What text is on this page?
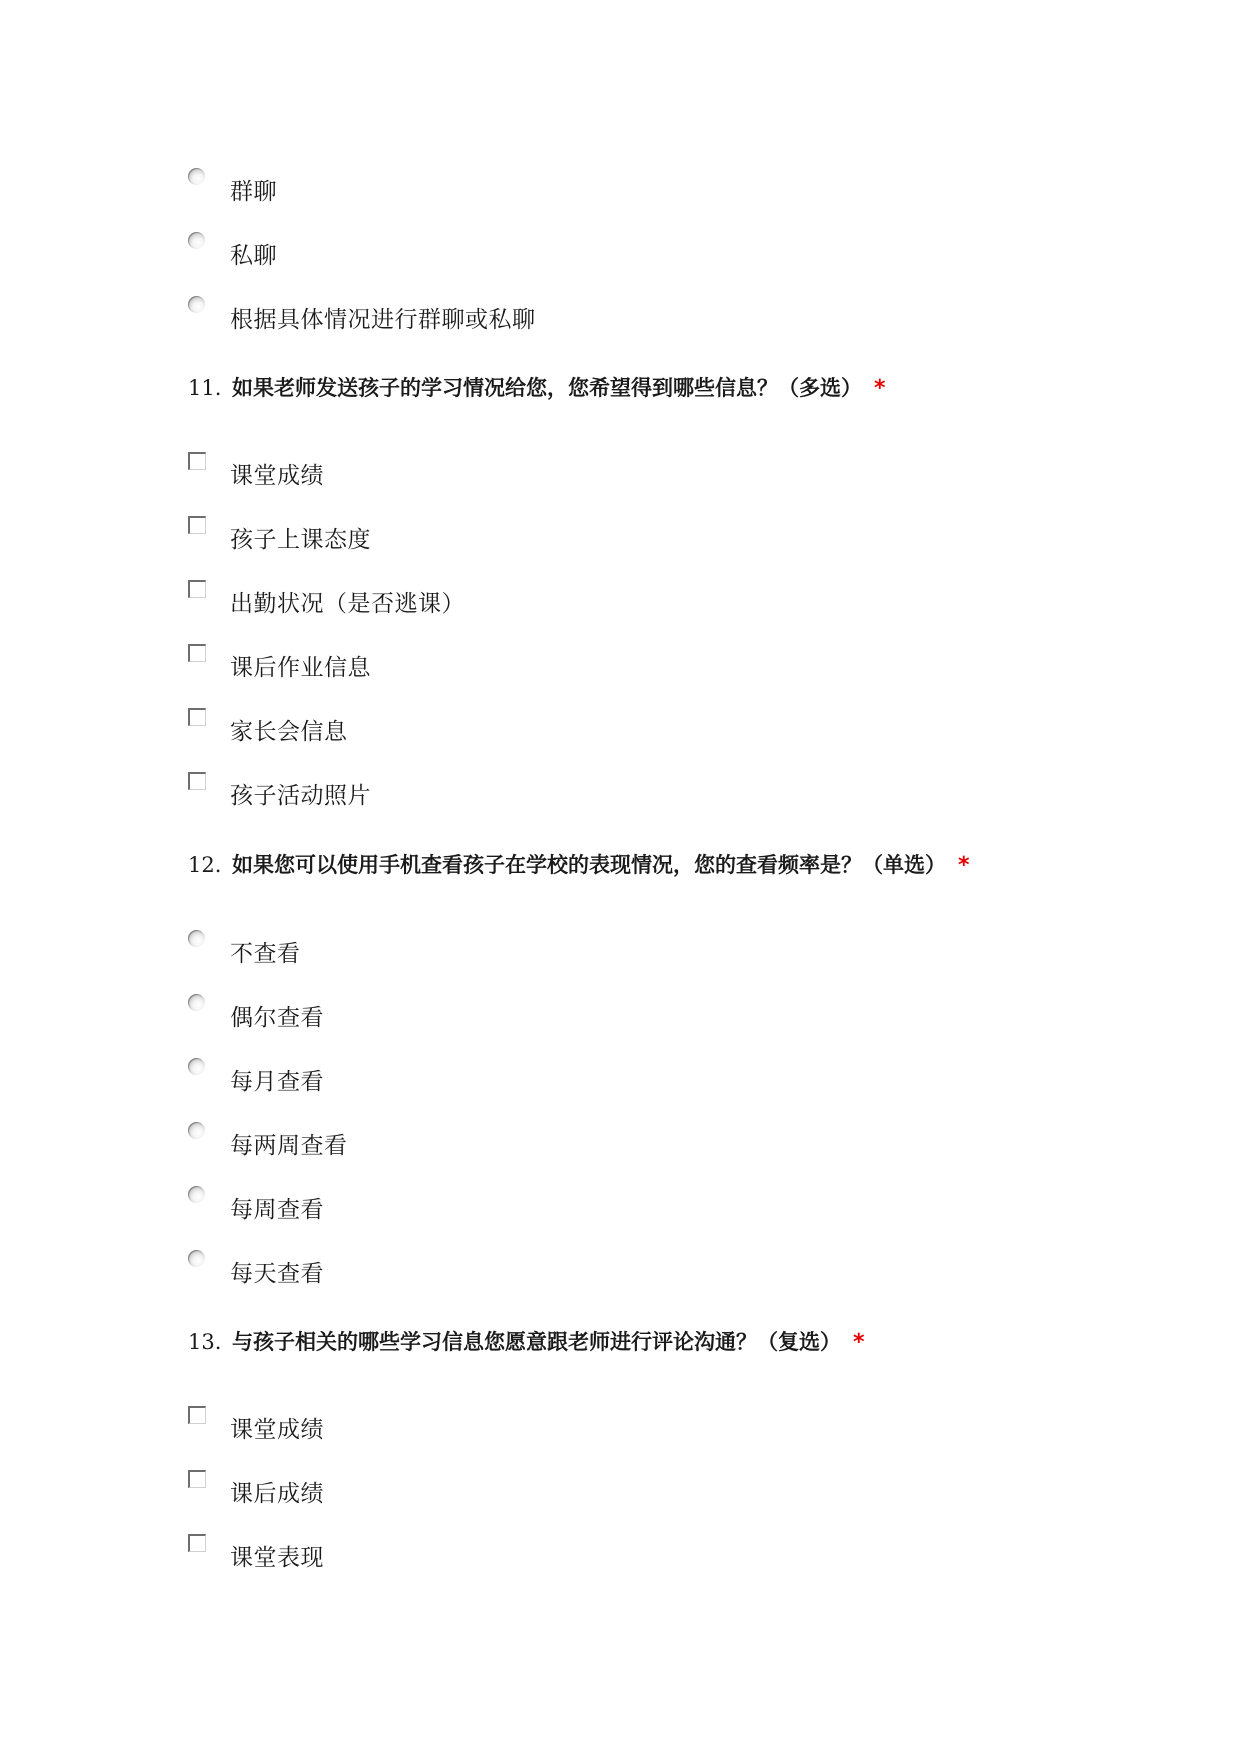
群聊
私聊
根据具体情况进行群聊或私聊
11. 如果老师发送孩子的学习情况给您，您希望得到哪些信息？（多选） *
课堂成绩
孩子上课态度
出勤状况（是否逃课）
课后作业信息
家长会信息
孩子活动照片
12. 如果您可以使用手机查看孩子在学校的表现情况，您的查看频率是？（单选） *
不查看
偶尔查看
每月查看
每两周查看
每周查看
每天查看
13. 与孩子相关的哪些学习信息您愿意跟老师进行评论沟通？（复选） *
课堂成绩
课后成绩
课堂表现
